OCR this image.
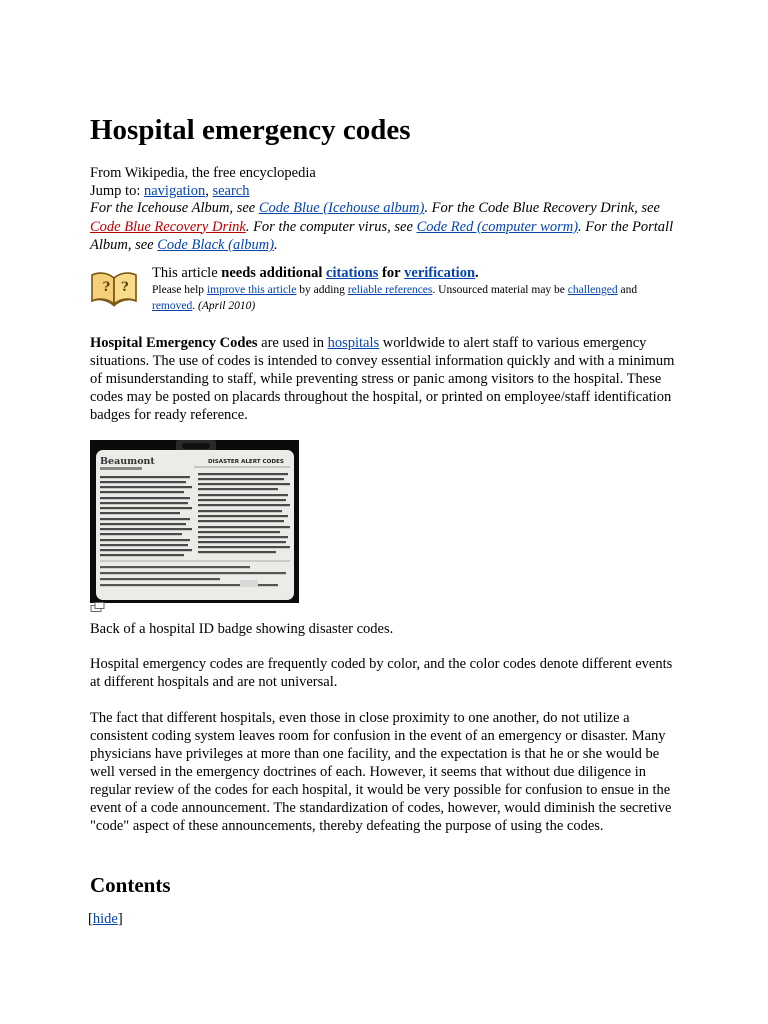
Hospital emergency codes
From Wikipedia, the free encyclopedia
Jump to: navigation, search
For the Icehouse Album, see Code Blue (Icehouse album). For the Code Blue Recovery Drink, see Code Blue Recovery Drink. For the computer virus, see Code Red (computer worm). For the Portall Album, see Code Black (album).
? ?
This article needs additional citations for verification.
Please help improve this article by adding reliable references. Unsourced material may be challenged and removed. (April 2010)

Hospital Emergency Codes are used in hospitals worldwide to alert staff to various emergency situations. The use of codes is intended to convey essential information quickly and with a minimum of misunderstanding to staff, while preventing stress or panic among visitors to the hospital. These codes may be posted on placards throughout the hospital, or printed on employee/staff identification badges for ready reference.

Beaumont	DISASTER ALERT CODES
Back of a hospital ID badge showing disaster codes.

Hospital emergency codes are frequently coded by color, and the color codes denote different events at different hospitals and are not universal.

The fact that different hospitals, even those in close proximity to one another, do not utilize a consistent coding system leaves room for confusion in the event of an emergency or disaster. Many physicians have privileges at more than one facility, and the expectation is that he or she would be well versed in the emergency doctrines of each. However, it seems that without due diligence in regular review of the codes for each hospital, it would be very possible for confusion to ensue in the event of a code announcement. The standardization of codes, however, would diminish the secretive "code" aspect of these announcements, thereby defeating the purpose of using the codes.

Contents
[hide]
